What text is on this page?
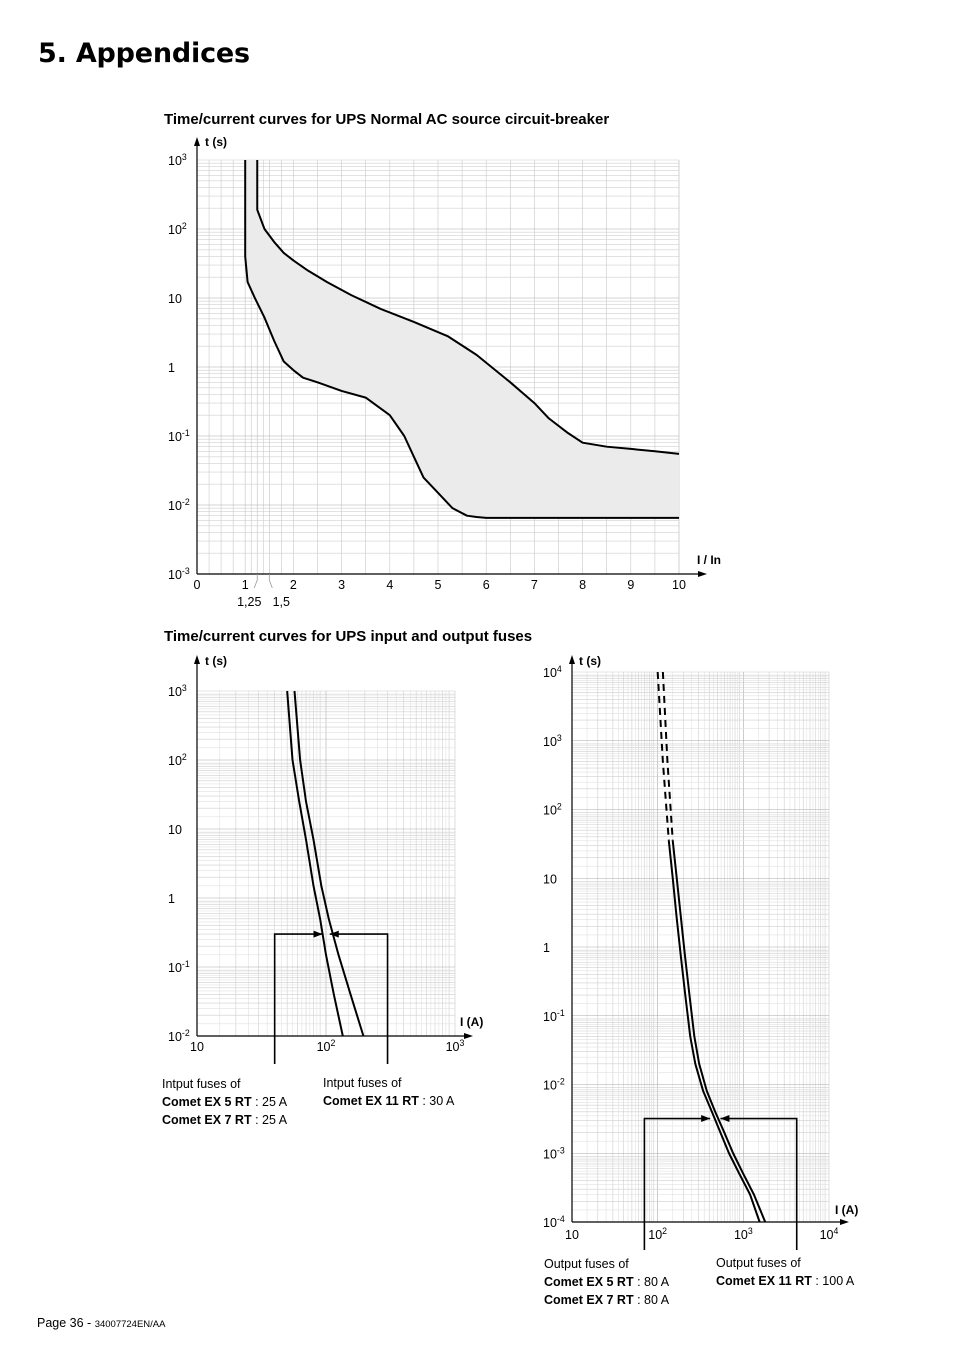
5. Appendices
Time/current curves for UPS Normal AC source circuit-breaker
Time/current curves for UPS input and output fuses
t (s)
I / In
0	1	2	3	4	5	6	7	8	9	10
1,25 1,5
$10^{-3}$
$10^{-2}$
$10^{-1}$
1
10
$10^2$
$10^3$
t (s)
I (A)
10	$10^2$	$10^3$
$10^{-2}$
$10^{-1}$
1
10
$10^2$
$10^3$
t (s)
I (A)
10	$10^2$	$10^3$	$10^4$
$10^{-4}$
$10^{-3}$
$10^{-2}$
$10^{-1}$
1
10
$10^2$
$10^3$
$10^4$
Intput fuses of
Comet EX 5 RT : 25 A
Comet EX 7 RT : 25 A
Intput fuses of
Comet EX 11 RT : 30 A
Output fuses of
Comet EX 5 RT : 80 A
Comet EX 7 RT : 80 A
Output fuses of
Comet EX 11 RT : 100 A
Page 36 - 34007724EN/AA
